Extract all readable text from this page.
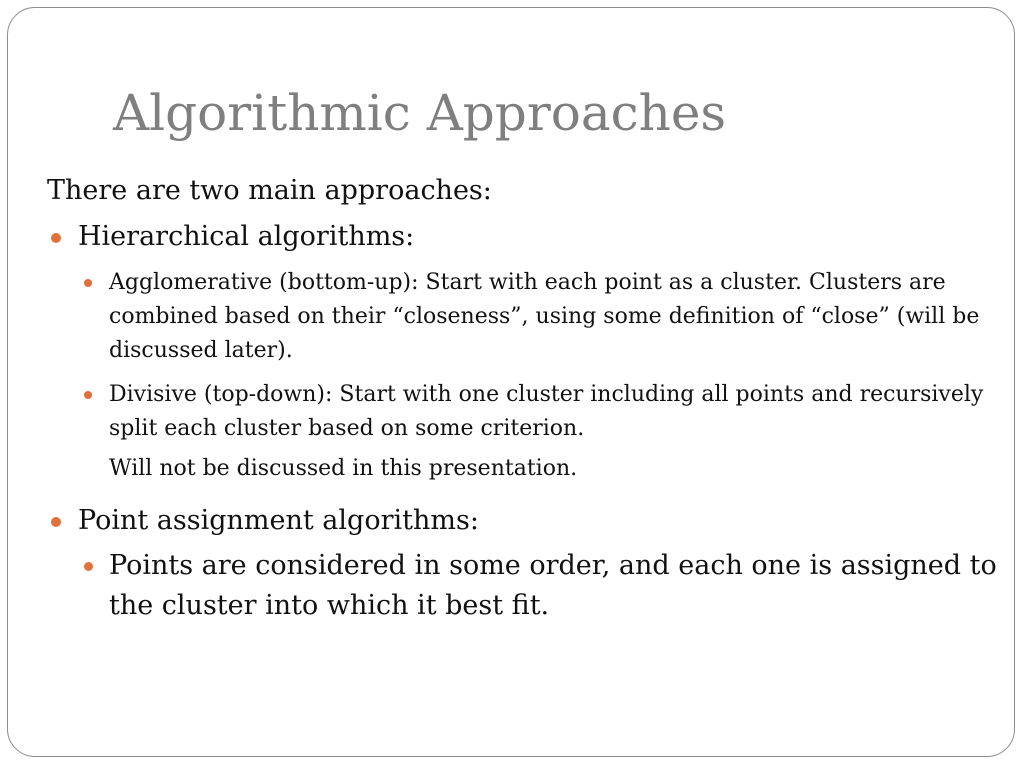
Algorithmic Approaches
There are two main approaches:
Hierarchical algorithms:
Agglomerative (bottom-up): Start with each point as a cluster. Clusters are combined based on their “closeness”, using some definition of “close” (will be discussed later).
Divisive (top-down): Start with one cluster including all points and recursively split each cluster based on some criterion.
Will not be discussed in this presentation.
Point assignment algorithms:
Points are considered in some order, and each one is assigned to the cluster into which it best fit.
